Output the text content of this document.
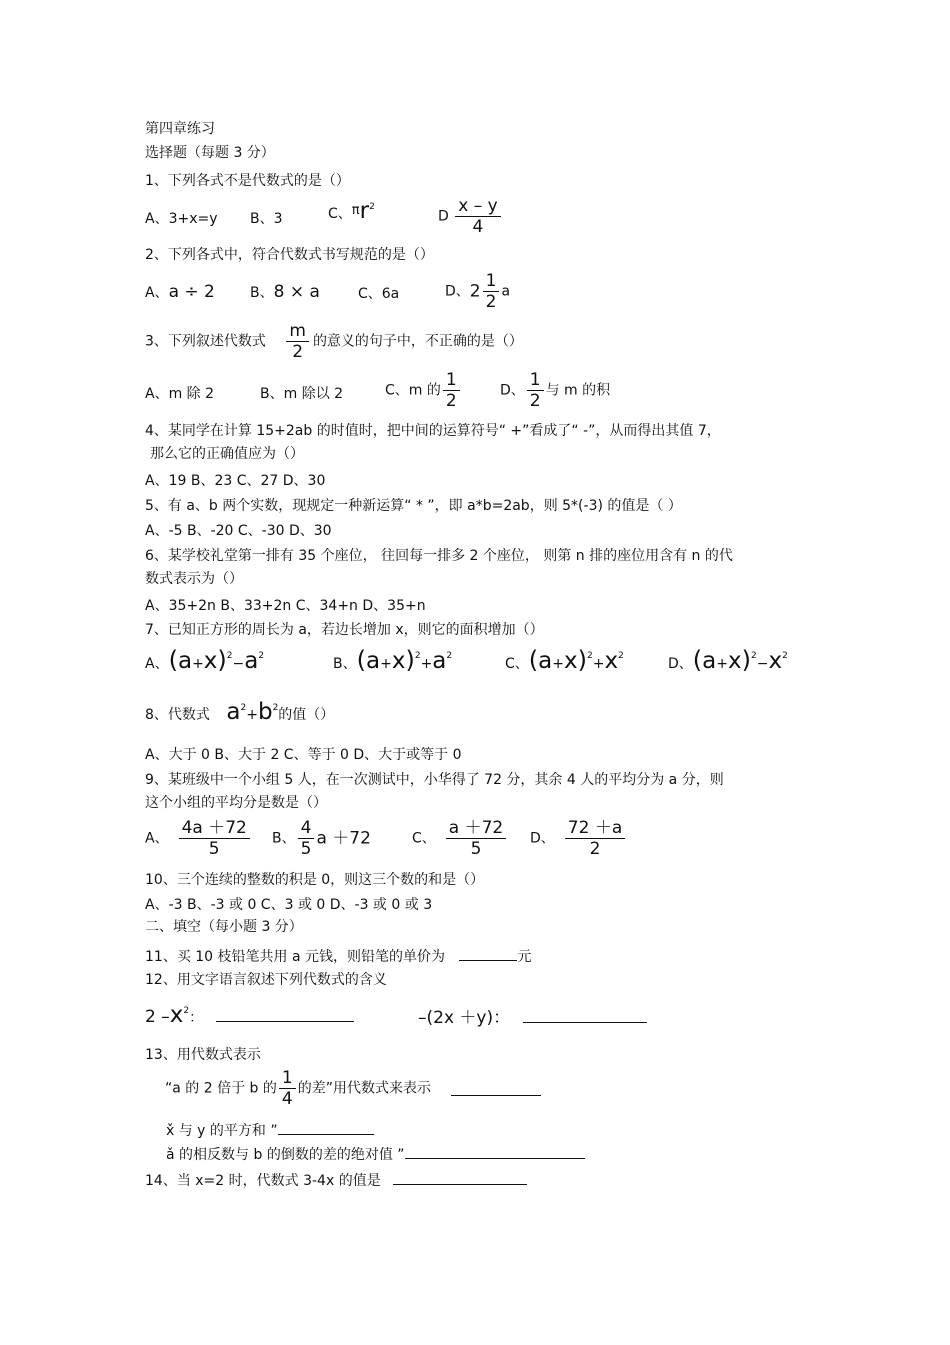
第四章练习
选择题（每题 3 分）
1、下列各式不是代数式的是（）
A、3+x=y B、3	C、$\pi r^2$
D $\frac{x - y}{4}$
2、下列各式中，符合代数式书写规范的是（）
A、a ÷ 2	B、8 × a	C、6a	D、$2 \frac{1}{2}$ a
3、下列叙述代数式 $\frac{m}{2}$ 的意义的句子中，不正确的是（）
A、m 除 2	B、m 除以 2	C、m 的 $\frac{1}{2}$	D、 $\frac{1}{2}$ 与 m 的积
4、某同学在计算 15+2ab 的时值时，把中间的运算符号“ +”看成了“ -”，从而得出其值 7，
那么它的正确值应为（）
A、19 B、23 C、27 D、30
5、有 a、b 两个实数，现规定一种新运算“ * ”，即 a*b=2ab，则 5*(-3) 的值是（ ）
A、-5 B、-20 C、-30 D、30
6、某学校礼堂第一排有 35 个座位， 往回每一排多 2 个座位， 则第 n 排的座位用含有 n 的代
数式表示为（）
A、35+2n B、33+2n C、34+n D、35+n
7、已知正方形的周长为 a，若边长增加 x，则它的面积增加（）
A、$(a+x)^2-a^2$	B、$(a+x)^2+a^2$	C、$(a+x)^2+x^2$	D、$(a+x)^2-x^2$
8、代数式 $a^2+b^2$的值（）
A、大于 0 B、大于 2 C、等于 0 D、大于或等于 0
9、某班级中一个小组 5 人，在一次测试中，小华得了 72 分，其余 4 人的平均分为 a 分，则
这个小组的平均分是数是（）
A、 $\frac{4a +72}{5}$ B、 $\frac{4}{5}$ a ＋72	C、 $\frac{a +72}{5}$ D、 $\frac{72 +a}{2}$
10、三个连续的整数的积是 0，则这三个数的和是（）
A、-3 B、-3 或 0 C、3 或 0 D、-3 或 0 或 3
二、填空（每小题 3 分）
11、买 10 枝铅笔共用 a 元钱，则铅笔的单价为	元
12、用文字语言叙述下列代数式的含义
2 $-x^2$：	–(2x ＋y)：
13、用代数式表示
“a 的 2 倍于 b 的 $\frac{1}{4}$ 的差”用代数式来表示
x̌ 与 y 的平方和 ”
ǎ 的相反数与 b 的倒数的差的绝对值 ”
14、当 x=2 时，代数式 3-4x 的值是
